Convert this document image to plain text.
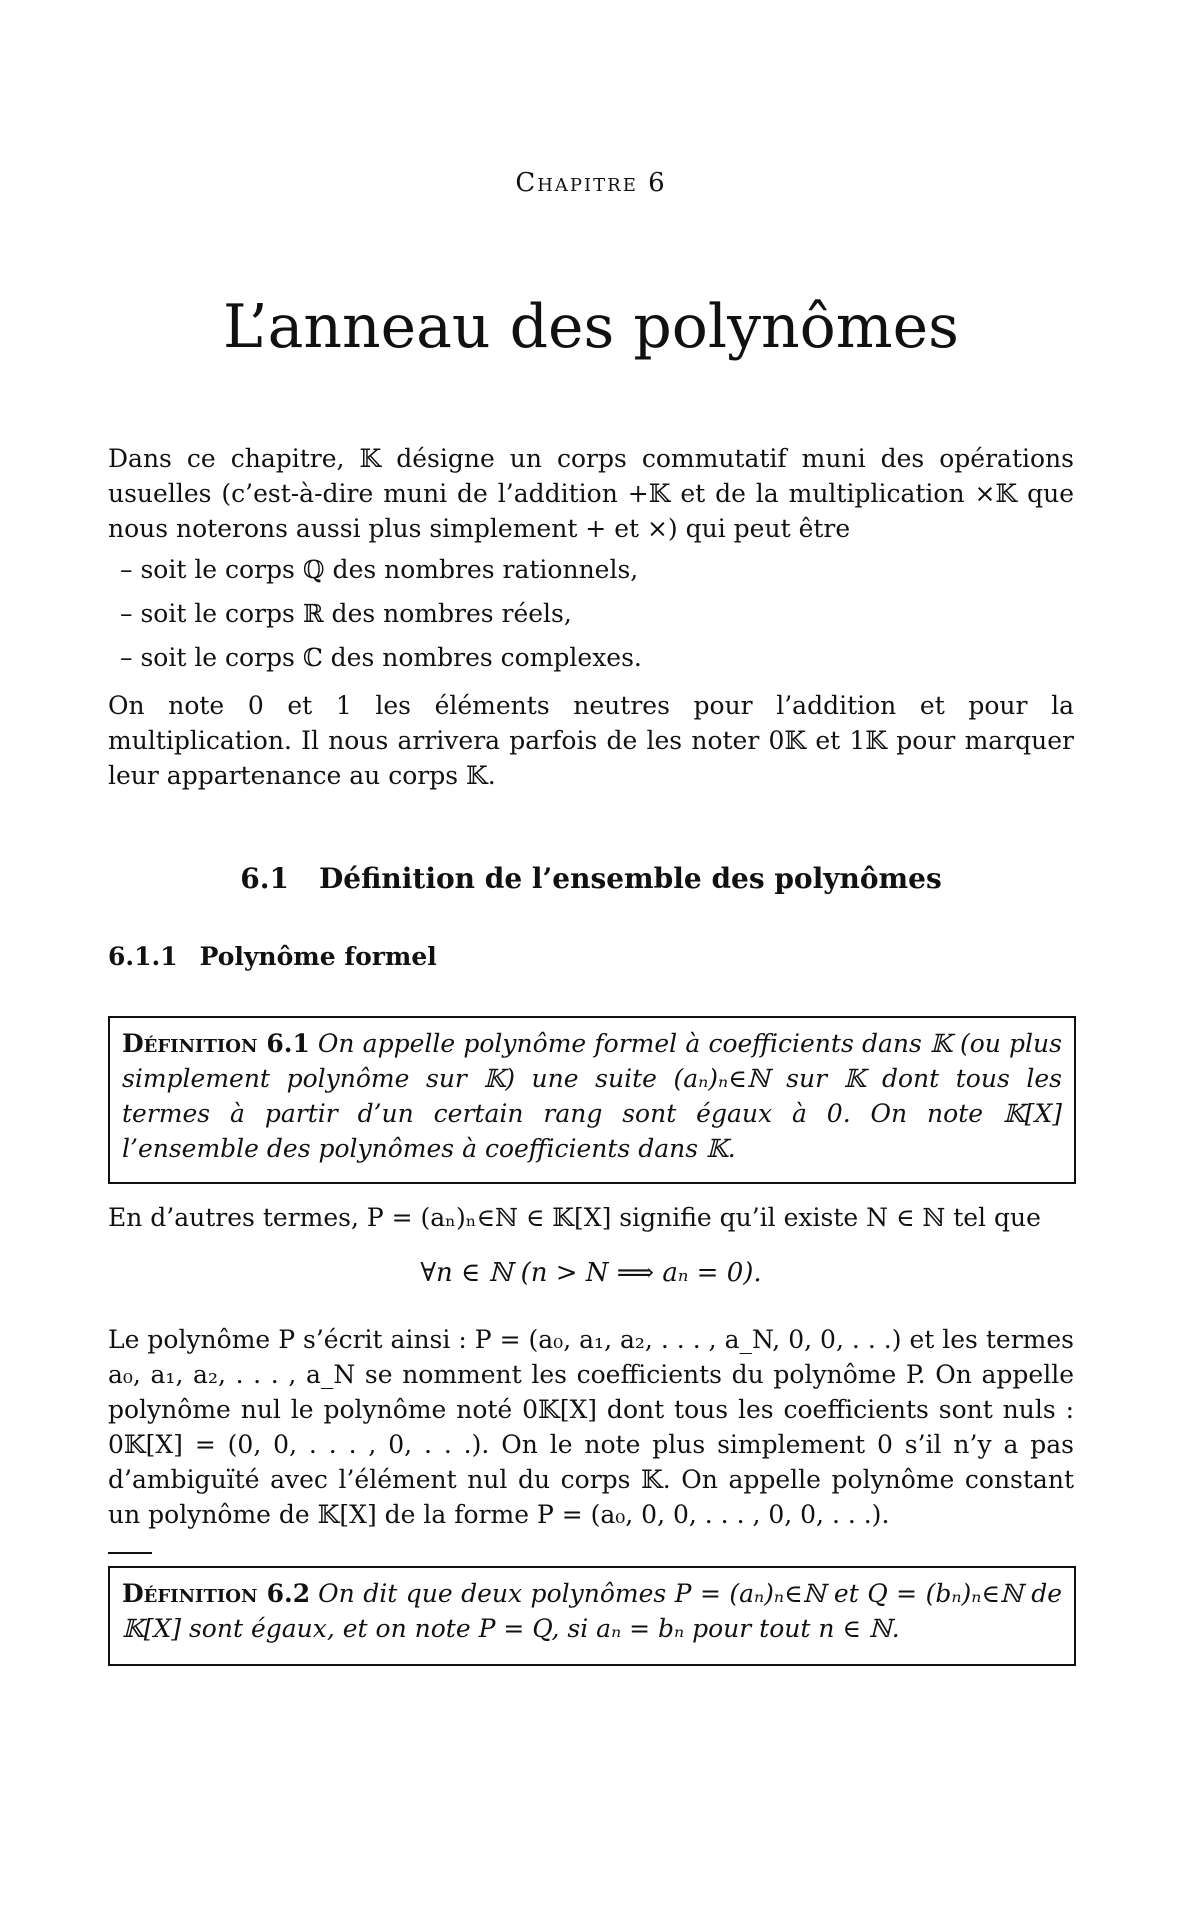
Chapitre 6
L’anneau des polynômes

Dans ce chapitre, 𝕂 désigne un corps commutatif muni des opérations usuelles (c’est-à-dire muni de l’addition +𝕂 et de la multiplication ×𝕂 que nous noterons aussi plus simplement + et ×) qui peut être

– soit le corps ℚ des nombres rationnels,
– soit le corps ℝ des nombres réels,
– soit le corps ℂ des nombres complexes.

On note 0 et 1 les éléments neutres pour l’addition et pour la multiplication. Il nous arrivera parfois de les noter 0𝕂 et 1𝕂 pour marquer leur appartenance au corps 𝕂.

6.1 Définition de l’ensemble des polynômes
6.1.1 Polynôme formel
Définition 6.1 On appelle polynôme formel à coefficients dans 𝕂 (ou plus simplement polynôme sur 𝕂) une suite (aₙ)ₙ∈ℕ sur 𝕂 dont tous les termes à partir d’un certain rang sont égaux à 0. On note 𝕂[X] l’ensemble des polynômes à coefficients dans 𝕂.

En d’autres termes, P = (aₙ)ₙ∈ℕ ∈ 𝕂[X] signifie qu’il existe N ∈ ℕ tel que

∀n ∈ ℕ (n > N ⟹ aₙ = 0).

Le polynôme P s’écrit ainsi : P = (a₀, a₁, a₂, . . . , a_N, 0, 0, . . .) et les termes a₀, a₁, a₂, . . . , a_N se nomment les coefficients du polynôme P. On appelle polynôme nul le polynôme noté 0𝕂[X] dont tous les coefficients sont nuls : 0𝕂[X] = (0, 0, . . . , 0, . . .). On le note plus simplement 0 s’il n’y a pas d’ambiguïté avec l’élément nul du corps 𝕂. On appelle polynôme constant un polynôme de 𝕂[X] de la forme P = (a₀, 0, 0, . . . , 0, 0, . . .).

Définition 6.2 On dit que deux polynômes P = (aₙ)ₙ∈ℕ et Q = (bₙ)ₙ∈ℕ de 𝕂[X] sont égaux, et on note P = Q, si aₙ = bₙ pour tout n ∈ ℕ.
